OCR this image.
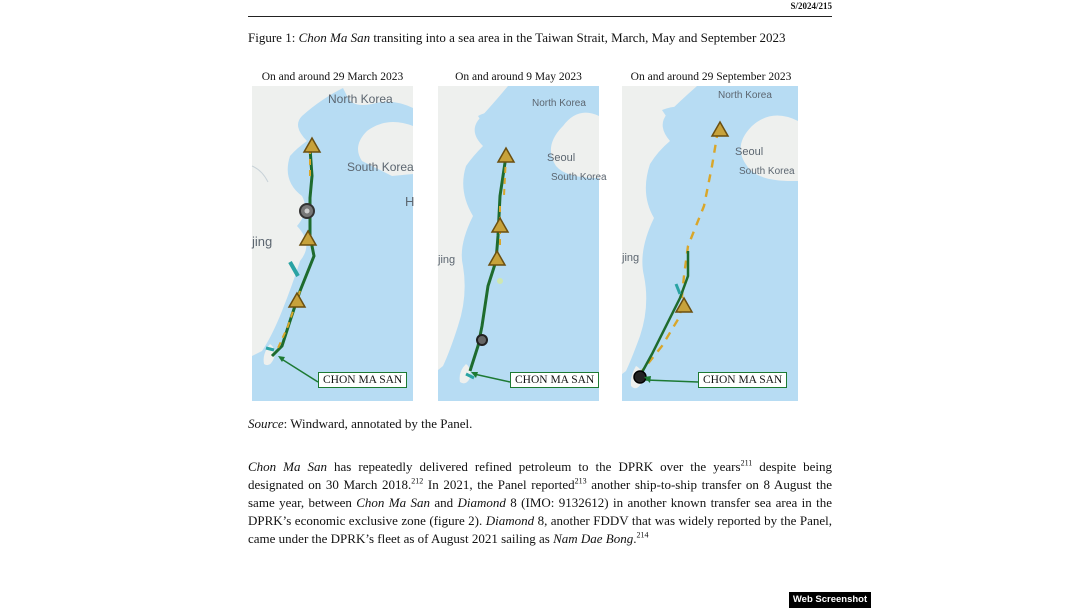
S/2024/215
Figure 1: Chon Ma San transiting into a sea area in the Taiwan Strait, March, May and September 2023
On and around 29 March 2023
North Korea
South Korea
jing
H
CHON MA SAN
On and around 9 May 2023
North Korea
Seoul
South Korea
jing
CHON MA SAN
On and around 29 September 2023
North Korea
Seoul
South Korea
jing
CHON MA SAN
Source: Windward, annotated by the Panel.
Chon Ma San has repeatedly delivered refined petroleum to the DPRK over the years$^{211}$ despite being designated on 30 March 2018.$^{212}$ In 2021, the Panel reported$^{213}$ another ship-to-ship transfer on 8 August the same year, between Chon Ma San and Diamond 8 (IMO: 9132612) in another known transfer sea area in the DPRK’s economic exclusive zone (figure 2). Diamond 8, another FDDV that was widely reported by the Panel, came under the DPRK’s fleet as of August 2021 sailing as Nam Dae Bong.$^{214}$
Web Screenshot
